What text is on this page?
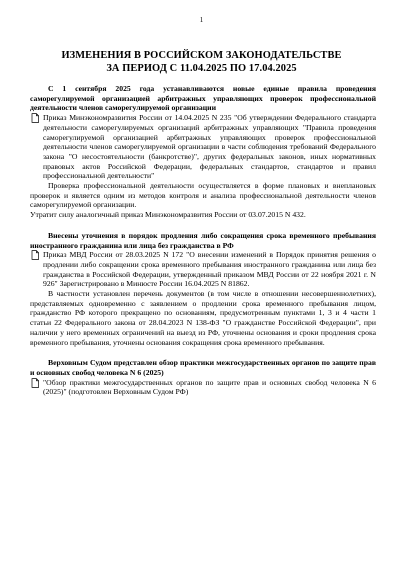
1
ИЗМЕНЕНИЯ В РОССИЙСКОМ ЗАКОНОДАТЕЛЬСТВЕ
ЗА ПЕРИОД С 11.04.2025 ПО 17.04.2025

С 1 сентября 2025 года устанавливаются новые единые правила проведения саморегулируемой организацией арбитражных управляющих проверок профессиональной деятельности членов саморегулируемой организации

Приказ Минэкономразвития России от 14.04.2025 N 235 "Об утверждении Федерального стандарта деятельности саморегулируемых организаций арбитражных управляющих "Правила проведения саморегулируемой организацией арбитражных управляющих проверок профессиональной деятельности членов саморегулируемой организации в части соблюдения требований Федерального закона "О несостоятельности (банкротстве)", других федеральных законов, иных нормативных правовых актов Российской Федерации, федеральных стандартов, стандартов и правил профессиональной деятельности"

Проверка профессиональной деятельности осуществляется в форме плановых и внеплановых проверок и является одним из методов контроля и анализа профессиональной деятельности членов саморегулируемой организации.

Утратит силу аналогичный приказ Минэкономразвития России от 03.07.2015 N 432.

Внесены уточнения в порядок продления либо сокращения срока временного пребывания иностранного гражданина или лица без гражданства в РФ

Приказ МВД России от 28.03.2025 N 172 "О внесении изменений в Порядок принятия решения о продлении либо сокращении срока временного пребывания иностранного гражданина или лица без гражданства в Российской Федерации, утвержденный приказом МВД России от 22 ноября 2021 г. N 926" Зарегистрировано в Минюсте России 16.04.2025 N 81862.

В частности установлен перечень документов (в том числе в отношении несовершеннолетних), представляемых одновременно с заявлением о продлении срока временного пребывания лицом, гражданство РФ которого прекращено по основаниям, предусмотренным пунктами 1, 3 и 4 части 1 статьи 22 Федерального закона от 28.04.2023 N 138-ФЗ "О гражданстве Российской Федерации", при наличии у него временных ограничений на выезд из РФ, уточнены основания и сроки продления срока временного пребывания, уточнены основания сокращения срока временного пребывания.

Верховным Судом представлен обзор практики межгосударственных органов по защите прав и основных свобод человека N 6 (2025)

"Обзор практики межгосударственных органов по защите прав и основных свобод человека N 6 (2025)" (подготовлен Верховным Судом РФ)
